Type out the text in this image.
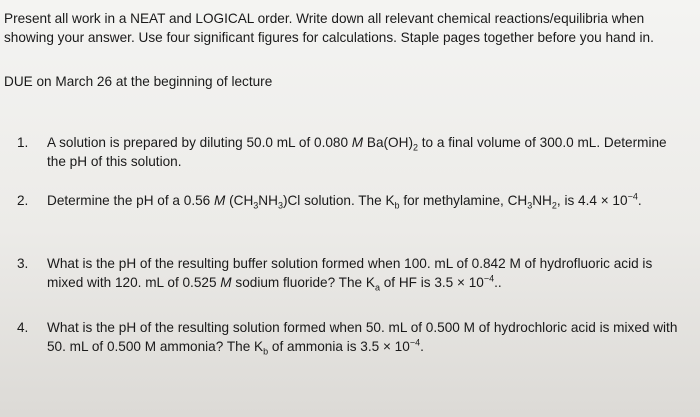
Present all work in a NEAT and LOGICAL order. Write down all relevant chemical reactions/equilibria when showing your answer. Use four significant figures for calculations. Staple pages together before you hand in.
DUE on March 26 at the beginning of lecture
1. A solution is prepared by diluting 50.0 mL of 0.080 M $Ba(OH)_2$ to a final volume of 300.0 mL. Determine the pH of this solution.
2. Determine the pH of a 0.56 M $(CH_3NH_3)Cl$ solution. The $K_b$ for methylamine, $CH_3NH_2$, is $4.4 \times 10^{-4}$.
3. What is the pH of the resulting buffer solution formed when 100. mL of 0.842 M of hydrofluoric acid is mixed with 120. mL of 0.525 M sodium fluoride? The $K_a$ of HF is $3.5 \times 10^{-4}$..
4. What is the pH of the resulting solution formed when 50. mL of 0.500 M of hydrochloric acid is mixed with 50. mL of 0.500 M ammonia? The $K_b$ of ammonia is $3.5 \times 10^{-4}$.
